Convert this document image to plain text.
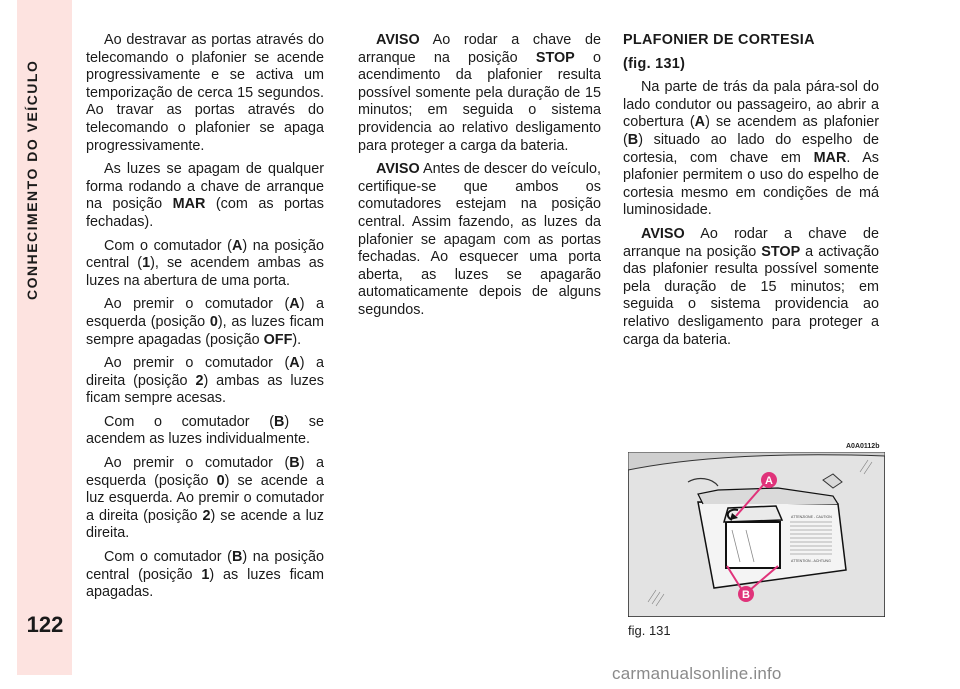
CONHECIMENTO DO VEÍCULO
122

Ao destravar as portas através do telecomando o plafonier se acende progressivamente e se activa um temporização de cerca 15 segundos. Ao travar as portas através do telecomando o plafonier se apaga progressivamente.

As luzes se apagam de qualquer forma rodando a chave de arranque na posição MAR (com as portas fechadas).

Com o comutador (A) na posição central (1), se acendem ambas as luzes na abertura de uma porta.

Ao premir o comutador (A) a esquerda (posição 0), as luzes ficam sempre apagadas (posição OFF).

Ao premir o comutador (A) a direita (posição 2) ambas as luzes ficam sempre acesas.

Com o comutador (B) se acendem as luzes individualmente.

Ao premir o comutador (B) a esquerda (posição 0) se acende a luz esquerda. Ao premir o comutador a direita (posição 2) se acende a luz direita.

Com o comutador (B) na posição central (posição 1) as luzes ficam apagadas.

AVISO Ao rodar a chave de arranque na posição STOP o acendimento da plafonier resulta possível somente pela duração de 15 minutos; em seguida o sistema providencia ao relativo desligamento para proteger a carga da bateria.

AVISO Antes de descer do veículo, certifique-se que ambos os comutadores estejam na posição central. Assim fazendo, as luzes da plafonier se apagam com as portas fechadas. Ao esquecer uma porta aberta, as luzes se apagarão automaticamente depois de alguns segundos.

PLAFONIER DE CORTESIA

(fig. 131)

Na parte de trás da pala pára-sol do lado condutor ou passageiro, ao abrir a cobertura (A) se acendem as plafonier (B) situado ao lado do espelho de cortesia, com chave em MAR. As plafonier permitem o uso do espelho de cortesia mesmo em condições de má luminosidade.

AVISO Ao rodar a chave de arranque na posição STOP a activação das plafonier resulta possível somente pela duração de 15 minutos; em seguida o sistema providencia ao relativo desligamento para proteger a carga da bateria.

A0A0112b
ATTENZIONE - CAUTION
ATTENTION - ACHTUNG
A
B
fig. 131
carmanualsonline.info
